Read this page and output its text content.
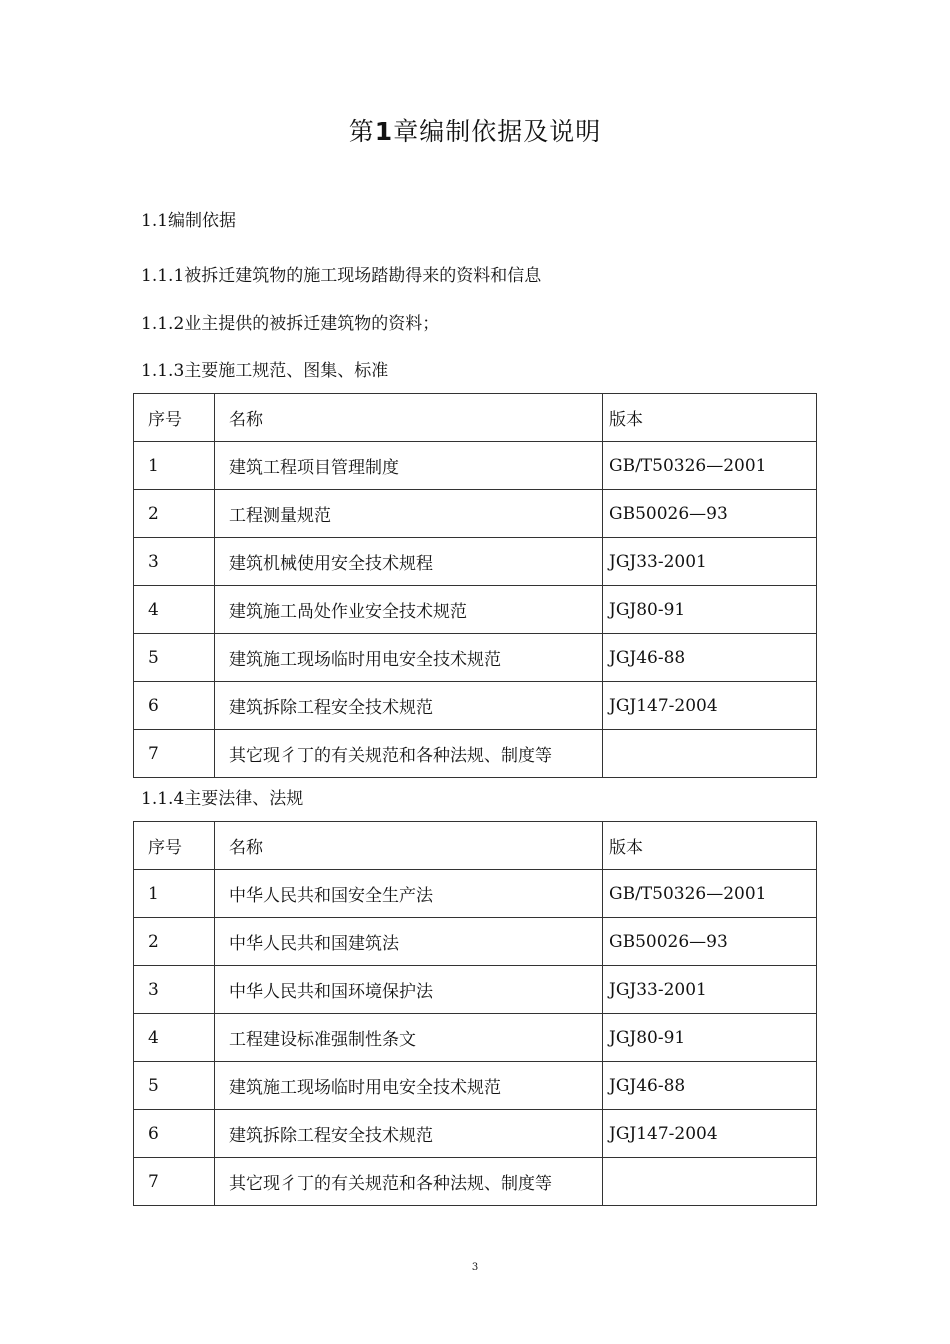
第1章编制依据及说明
1.1编制依据
1.1.1被拆迁建筑物的施工现场踏勘得来的资料和信息
1.1.2业主提供的被拆迁建筑物的资料；
1.1.3主要施工规范、图集、标准
序号	名称	版本
1	建筑工程项目管理制度	GB/T50326—2001
2	工程测量规范	GB50026—93
3	建筑机械使用安全技术规程	JGJ33-2001
4	建筑施工咼处作业安全技术规范	JGJ80-91
5	建筑施工现场临时用电安全技术规范	JGJ46-88
6	建筑拆除工程安全技术规范	JGJ147-2004
7	其它现彳丁的有关规范和各种法规、制度等	
1.1.4主要法律、法规
序号	名称	版本
1	中华人民共和国安全生产法	GB/T50326—2001
2	中华人民共和国建筑法	GB50026—93
3	中华人民共和国环境保护法	JGJ33-2001
4	工程建设标准强制性条文	JGJ80-91
5	建筑施工现场临时用电安全技术规范	JGJ46-88
6	建筑拆除工程安全技术规范	JGJ147-2004
7	其它现彳丁的有关规范和各种法规、制度等	
3
